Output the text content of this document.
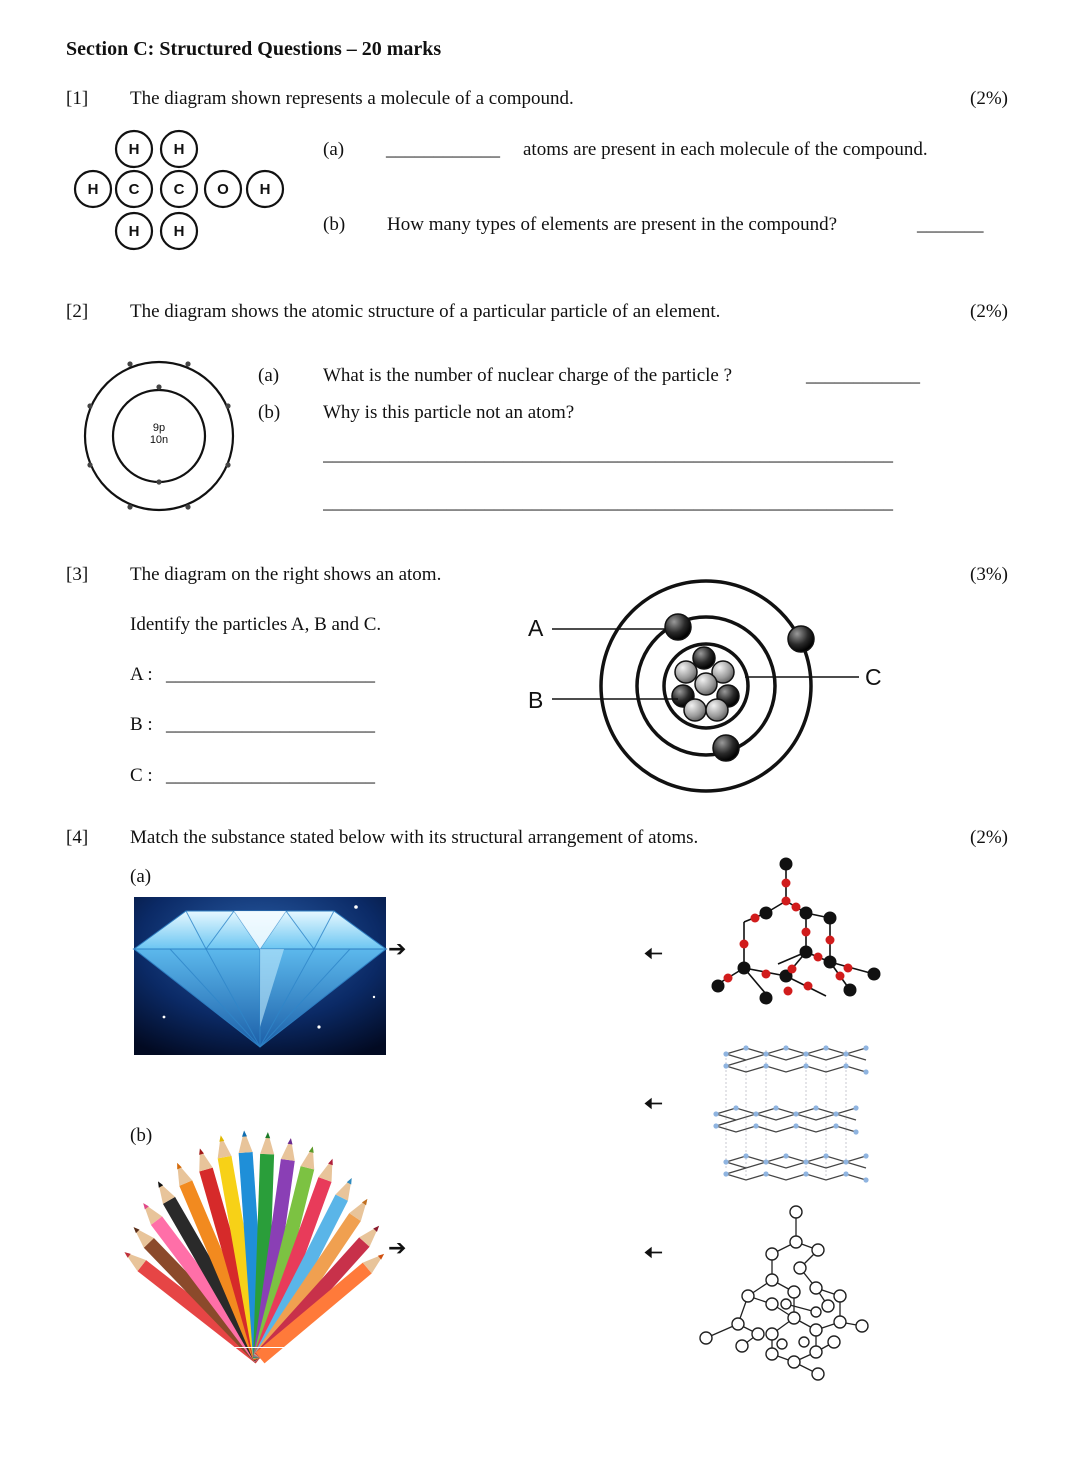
Section C: Structured Questions – 20 marks
[1] The diagram shown represents a molecule of a compound.	(2%)
H H
H C C O H
H H
(a) ____________ atoms are present in each molecule of the compound.
(b) How many types of elements are present in the compound?	_______
[2] The diagram shows the atomic structure of a particular particle of an element.	(2%)
9p
10n
(a) What is the number of nuclear charge of the particle ?	____________
(b) Why is this particle not an atom?
____________________________________________________________
____________________________________________________________
[3] The diagram on the right shows an atom.	(3%)
Identify the particles A, B and C.
A : ______________________
B : ______________________
C : ______________________
A
B
C
[4] Match the substance stated below with its structural arrangement of atoms.	(2%)
(a)
(b)
➔
➔
🠠
🠠
🠠
